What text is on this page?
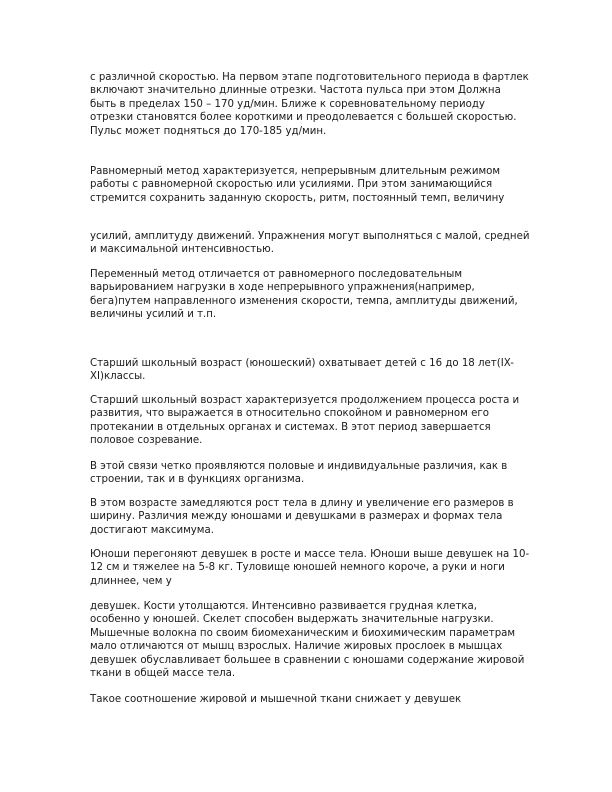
с различной скоростью. На первом этапе подготовительного периода в фартлек включают значительно длинные отрезки. Частота пульса при этом Должна быть в пределах 150 – 170 уд/мин. Ближе к соревновательному периоду отрезки становятся более короткими и преодолевается с большей скоростью. Пульс может подняться до 170-185 уд/мин.

Равномерный метод характеризуется, непрерывным длительным режимом работы с равномерной скоростью или усилиями. При этом занимающийся стремится сохранить заданную скорость, ритм, постоянный темп, величину

усилий, амплитуду движений. Упражнения могут выполняться с малой, средней и максимальной интенсивностью.

Переменный метод отличается от равномерного последовательным варьированием нагрузки в ходе непрерывного упражнения(например, бега)путем направленного изменения скорости, темпа, амплитуды движений, величины усилий и т.п.

Старший школьный возраст (юношеский) охватывает детей с 16 до 18 лет(IX-XI)классы.

Старший школьный возраст характеризуется продолжением процесса роста и развития, что выражается в относительно спокойном и равномерном его протекании в отдельных органах и системах. В этот период завершается половое созревание.

В этой связи четко проявляются половые и индивидуальные различия, как в строении, так и в функциях организма.

В этом возрасте замедляются рост тела в длину и увеличение его размеров в ширину. Различия между юношами и девушками в размерах и формах тела достигают максимума.

Юноши перегоняют девушек в росте и массе тела. Юноши выше девушек на 10-12 см и тяжелее на 5-8 кг. Туловище юношей немного короче, а руки и ноги длиннее, чем у

девушек. Кости утолщаются. Интенсивно развивается грудная клетка, особенно у юношей. Скелет способен выдержать значительные нагрузки. Мышечные волокна по своим биомеханическим и биохимическим параметрам мало отличаются от мышц взрослых. Наличие жировых прослоек в мышцах девушек обуславливает большее в сравнении с юношами содержание жировой ткани в общей массе тела.

Такое соотношение жировой и мышечной ткани снижает у девушек
